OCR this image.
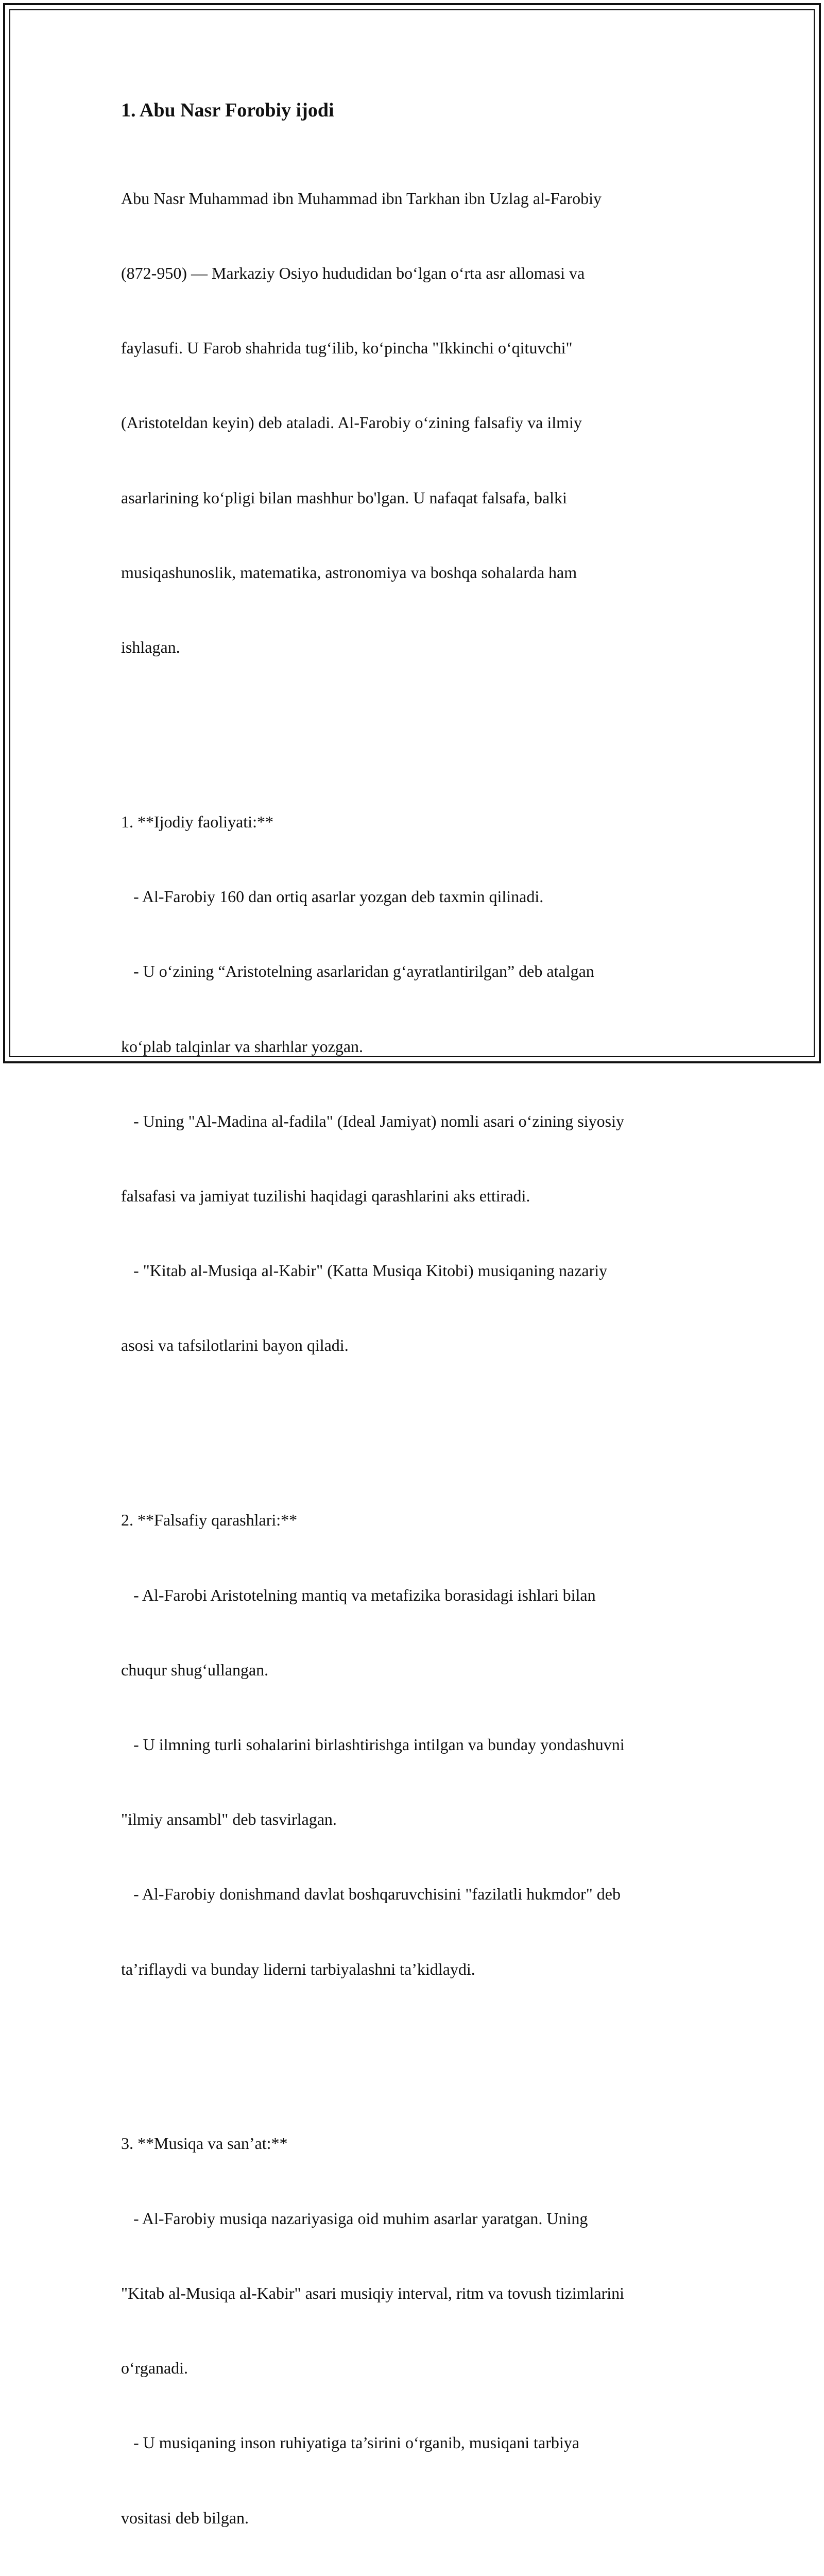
1. Abu Nasr Forobiy ijodi

Abu Nasr Muhammad ibn Muhammad ibn Tarkhan ibn Uzlag al-Farobiy

(872-950) — Markaziy Osiyo hududidan boʻlgan oʻrta asr allomasi va

faylasufi. U Farob shahrida tugʻilib, koʻpincha "Ikkinchi oʻqituvchi"

(Aristoteldan keyin) deb ataladi. Al-Farobiy oʻzining falsafiy va ilmiy

asarlarining koʻpligi bilan mashhur bo'lgan. U nafaqat falsafa, balki

musiqashunoslik, matematika, astronomiya va boshqa sohalarda ham

ishlagan.

1. **Ijodiy faoliyati:**

- Al-Farobiy 160 dan ortiq asarlar yozgan deb taxmin qilinadi.

- U oʻzining “Aristotelning asarlaridan gʻayratlantirilgan” deb atalgan

koʻplab talqinlar va sharhlar yozgan.

- Uning "Al-Madina al-fadila" (Ideal Jamiyat) nomli asari oʻzining siyosiy

falsafasi va jamiyat tuzilishi haqidagi qarashlarini aks ettiradi.

- "Kitab al-Musiqa al-Kabir" (Katta Musiqa Kitobi) musiqaning nazariy

asosi va tafsilotlarini bayon qiladi.

2. **Falsafiy qarashlari:**

- Al-Farobi Aristotelning mantiq va metafizika borasidagi ishlari bilan

chuqur shugʻullangan.

- U ilmning turli sohalarini birlashtirishga intilgan va bunday yondashuvni

"ilmiy ansambl" deb tasvirlagan.

- Al-Farobiy donishmand davlat boshqaruvchisini "fazilatli hukmdor" deb

ta’riflaydi va bunday liderni tarbiyalashni ta’kidlaydi.

3. **Musiqa va san’at:**

- Al-Farobiy musiqa nazariyasiga oid muhim asarlar yaratgan. Uning

"Kitab al-Musiqa al-Kabir" asari musiqiy interval, ritm va tovush tizimlarini

oʻrganadi.

- U musiqaning inson ruhiyatiga ta’sirini oʻrganib, musiqani tarbiya

vositasi deb bilgan.
